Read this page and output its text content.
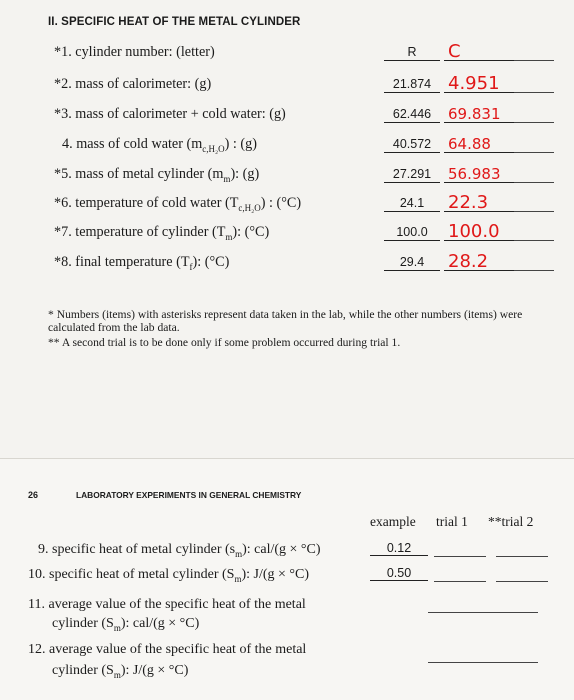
II. SPECIFIC HEAT OF THE METAL CYLINDER
*1. cylinder number: (letter)	R	C
*2. mass of calorimeter: (g)	21.874 4.951
*3. mass of calorimeter + cold water: (g)	62.446	69.831
4. mass of cold water $(m_{c,H_2O})$ : (g)	40.572	64.88
*5. mass of metal cylinder $(m_m)$: (g)	27.291	56.983
*6. temperature of cold water $(T_{c,H_2O})$ : (°C)	24.1	22.3
*7. temperature of cylinder $(T_m)$: (°C)	100.0	100.0
*8. final temperature $(T_f)$: (°C)	29.4	28.2
* Numbers (items) with asterisks represent data taken in the lab, while the other numbers (items) were calculated from the lab data.
** A second trial is to be done only if some problem occurred during trial 1.
26	LABORATORY EXPERIMENTS IN GENERAL CHEMISTRY
example trial 1 **trial 2
9. specific heat of metal cylinder $(s_m)$: cal/(g × °C)	0.12
10. specific heat of metal cylinder $(S_m)$: J/(g × °C)	0.50
11. average value of the specific heat of the metal
cylinder $(S_m)$: cal/(g × °C)
12. average value of the specific heat of the metal
cylinder $(S_m)$: J/(g × °C)
